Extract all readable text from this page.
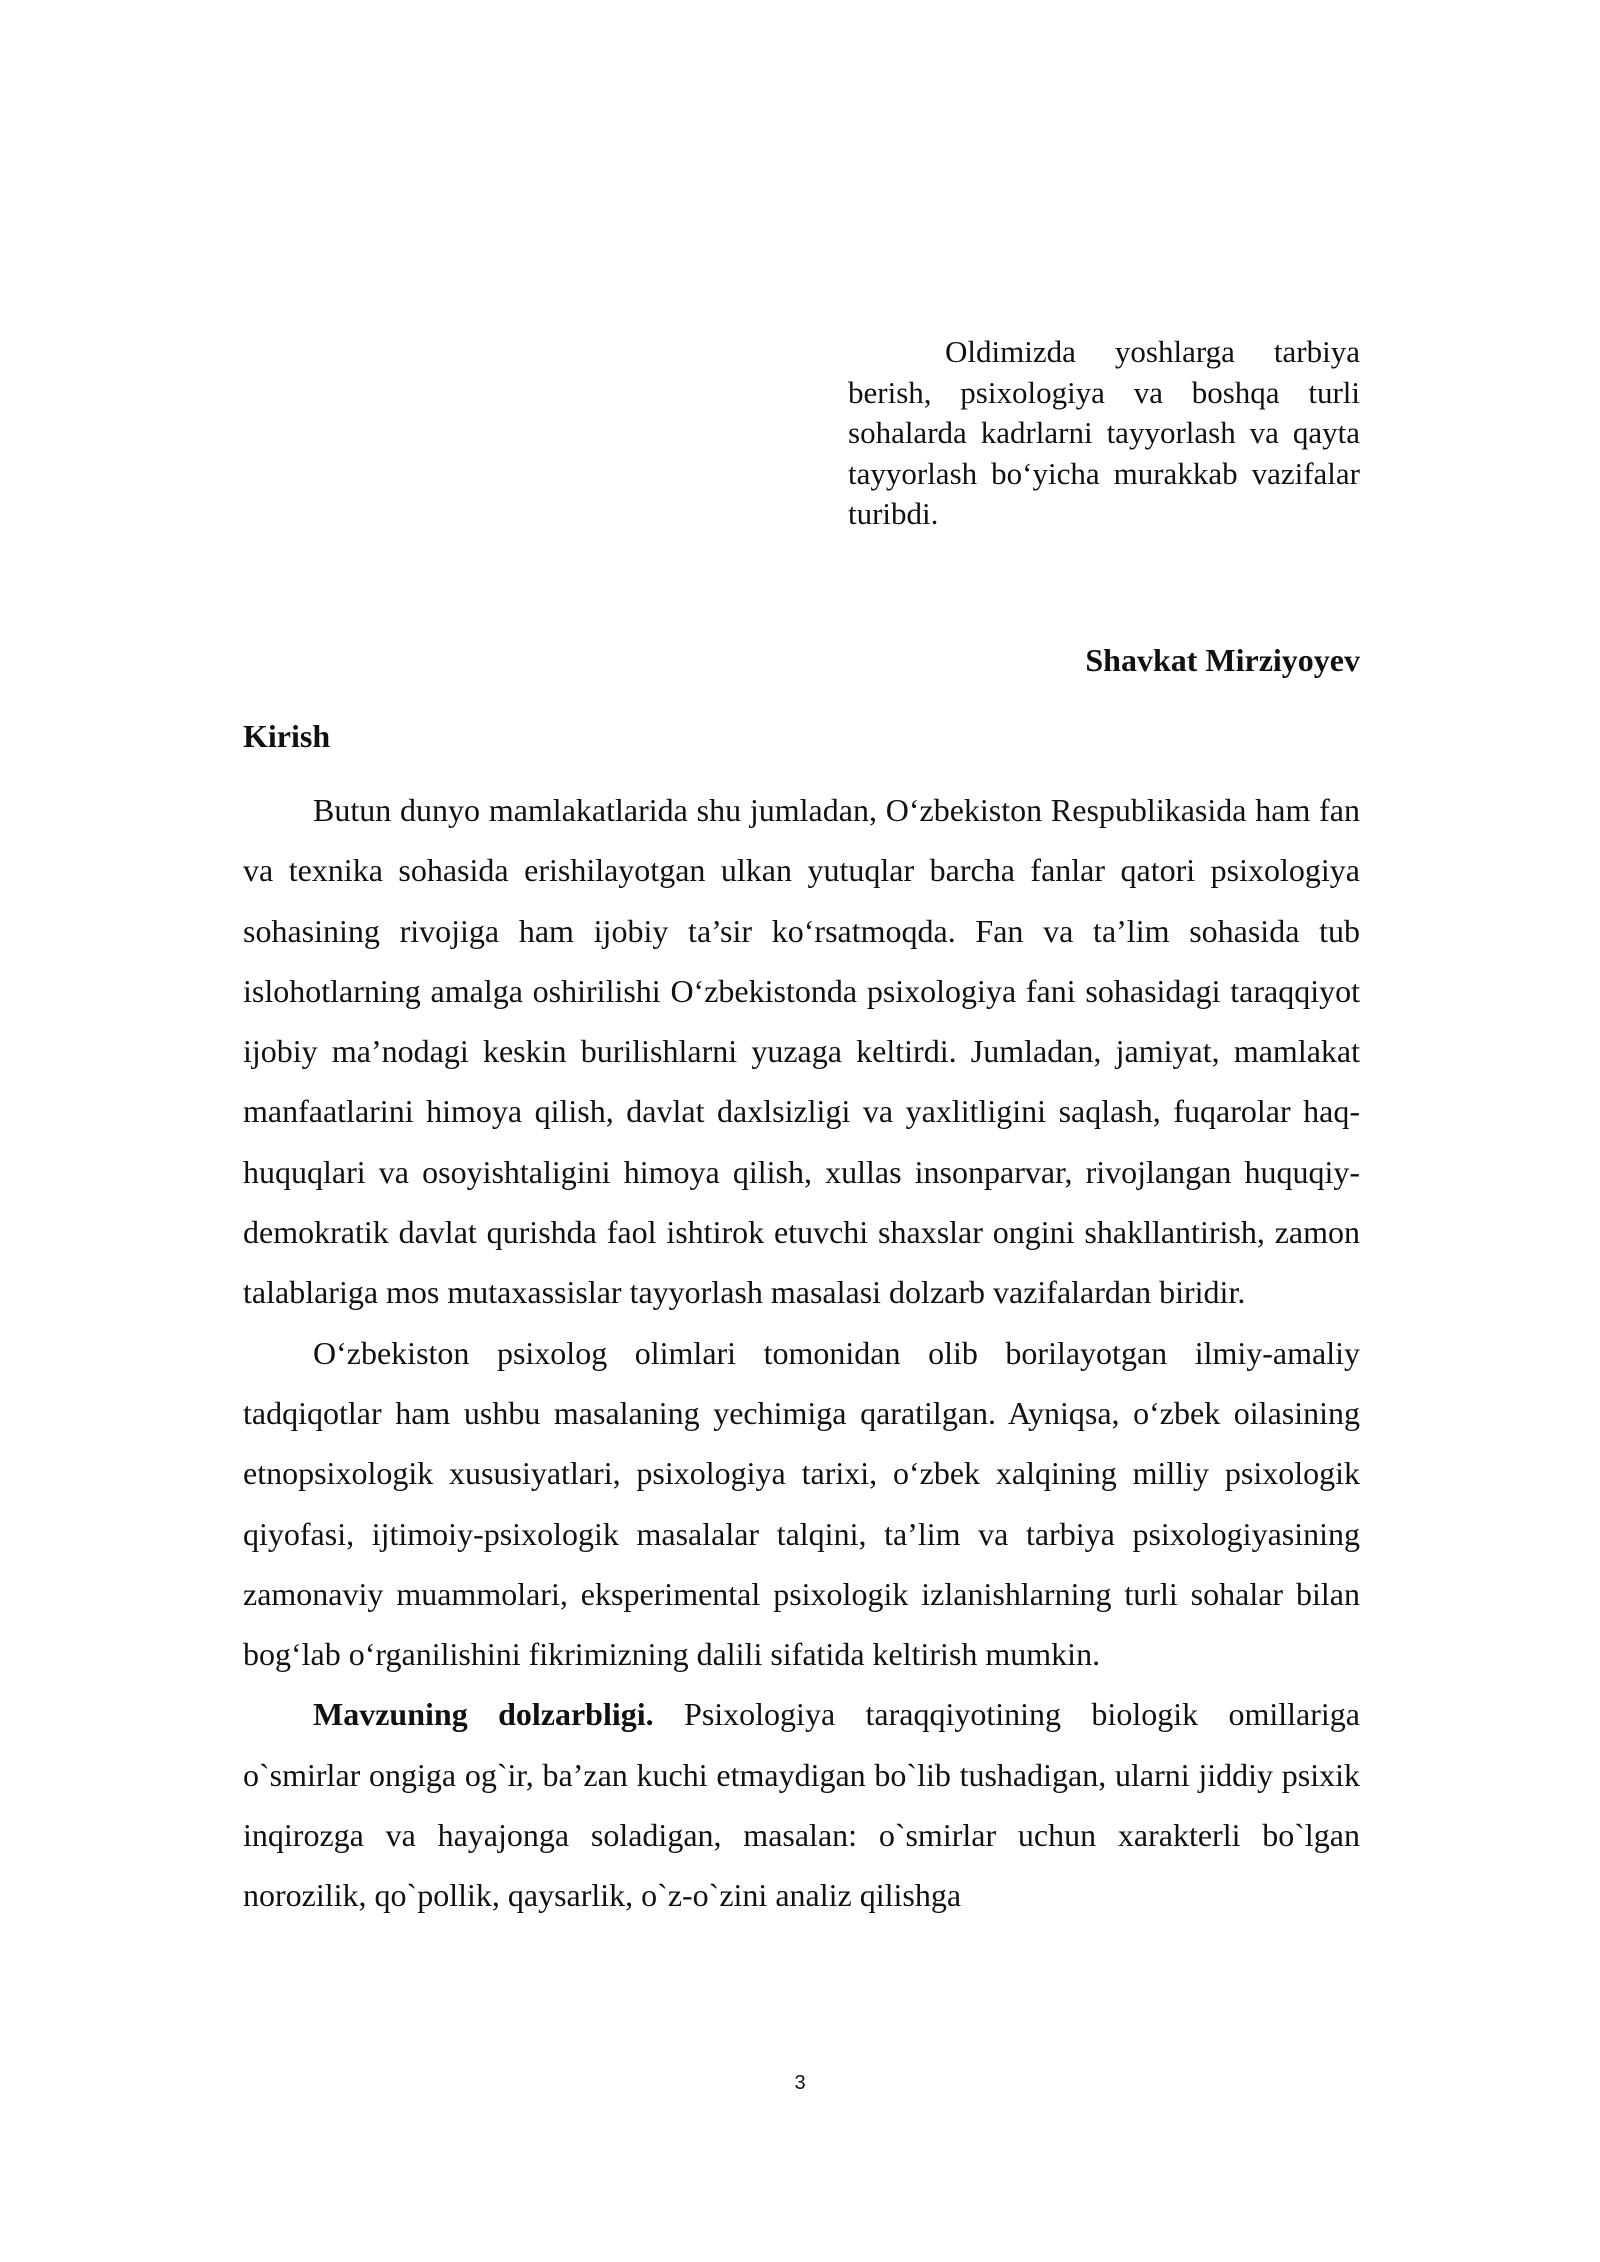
Oldimizda yoshlarga tarbiya berish, psixologiya va boshqa turli sohalarda kadrlarni tayyorlash va qayta tayyorlash bo‘yicha murakkab vazifalar turibdi.
Shavkat Mirziyoyev
Kirish

Butun dunyo mamlakatlarida shu jumladan, O‘zbekiston Respublikasida ham fan va texnika sohasida erishilayotgan ulkan yutuqlar barcha fanlar qatori psixologiya sohasining rivojiga ham ijobiy ta’sir ko‘rsatmoqda. Fan va ta’lim sohasida tub islohotlarning amalga oshirilishi O‘zbekistonda psixologiya fani sohasidagi taraqqiyot ijobiy ma’nodagi keskin burilishlarni yuzaga keltirdi. Jumladan, jamiyat, mamlakat manfaatlarini himoya qilish, davlat daxlsizligi va yaxlitligini saqlash, fuqarolar haq-huquqlari va osoyishtaligini himoya qilish, xullas insonparvar, rivojlangan huquqiy-demokratik davlat qurishda faol ishtirok etuvchi shaxslar ongini shakllantirish, zamon talablariga mos mutaxassislar tayyorlash masalasi dolzarb vazifalardan biridir.

O‘zbekiston psixolog olimlari tomonidan olib borilayotgan ilmiy-amaliy tadqiqotlar ham ushbu masalaning yechimiga qaratilgan. Ayniqsa, o‘zbek oilasining etnopsixologik xususiyatlari, psixologiya tarixi, o‘zbek xalqining milliy psixologik qiyofasi, ijtimoiy-psixologik masalalar talqini, ta’lim va tarbiya psixologiyasining zamonaviy muammolari, eksperimental psixologik izlanishlarning turli sohalar bilan bog‘lab o‘rganilishini fikrimizning dalili sifatida keltirish mumkin.

Mavzuning dolzarbligi. Psixologiya taraqqiyotining biologik omillariga o`smirlar ongiga og`ir, ba’zan kuchi etmaydigan bo`lib tushadigan, ularni jiddiy psixik inqirozga va hayajonga soladigan, masalan: o`smirlar uchun xarakterli bo`lgan norozilik, qo`pollik, qaysarlik, o`z-o`zini analiz qilishga

3
